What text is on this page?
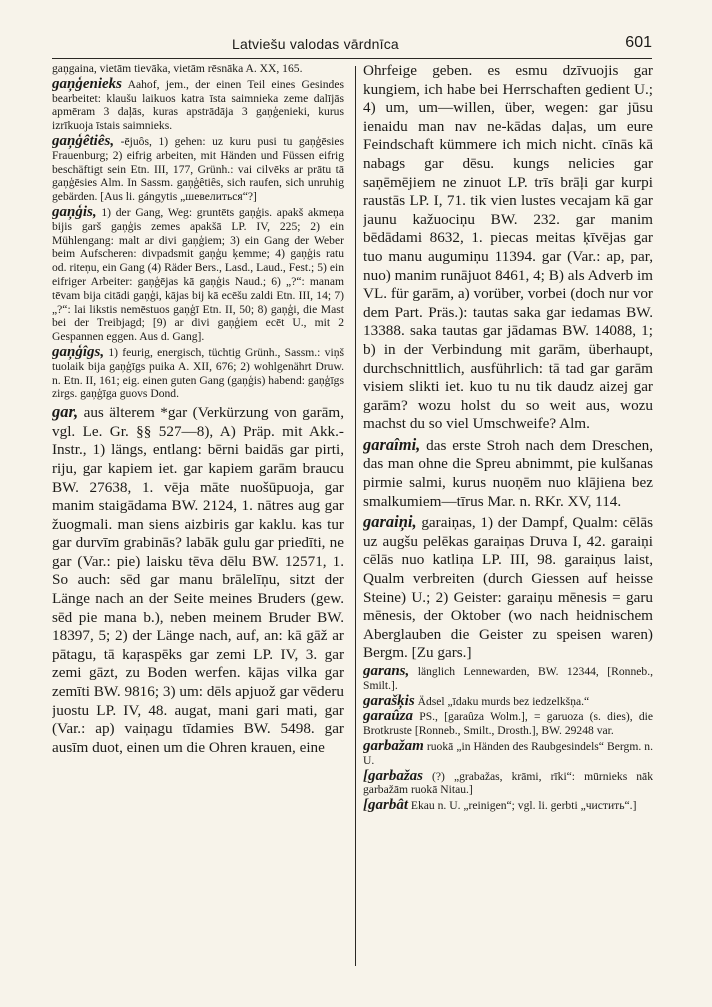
Latviešu valodas vārdnīca	601

gaņgaina, vietām tievāka, vietām rēsnāka A. XX, 165.

gaņģenieks Aahof, jem., der einen Teil eines Gesindes bearbeitet: klaušu laikuos katra īsta saimnieka zeme dalījās apmēram 3 daļās, kuras apstrādāja 3 gaņģenieki, kurus izrīkuoja īstais saimnieks.

gaņģêtiês, -ējuôs, 1) gehen: uz kuru pusi tu gaņģēsies Frauenburg; 2) eifrig arbeiten, mit Händen und Füssen eifrig beschäftigt sein Etn. III, 177, Grünh.: vai cilvēks ar prātu tā gaņģēsies Alm. In Sassm. gaņģêtiês, sich raufen, sich unruhig gebärden. [Aus li. gángytis „шевелиться“?]

gaņģis, 1) der Gang, Weg: gruntēts gaņģis. apakš akmeņa bijis garš gaņģis zemes apakšā LP. IV, 225; 2) ein Mühlengang: malt ar divi gaņģiem; 3) ein Gang der Weber beim Aufscheren: divpadsmit gaņģu ķemme; 4) gaņģis ratu od. riteņu, ein Gang (4) Räder Bers., Lasd., Laud., Fest.; 5) ein eifriger Arbeiter: gaņģējas kā gaņģis Naud.; 6) „?“: manam tēvam bija citādi gaņģi, kājas bij kā ecēšu zaldi Etn. III, 14; 7) „?“: lai likstis nemēstuos gaņģī Etn. II, 50; 8) gaņģi, die Mast bei der Treibjagd; [9) ar divi gaņģiem ecēt U., mit 2 Gespannen eggen. Aus d. Gang].

gaņģîgs, 1) feurig, energisch, tüchtig Grünh., Sassm.: viņš tuolaik bija gaņģīgs puika A. XII, 676; 2) wohlgenährt Druw. n. Etn. II, 161; eig. einen guten Gang (gaņģis) habend: gaņģīgs zirgs. gaņģīga guovs Dond.

gar, aus älterem *gar (Verkürzung von garām, vgl. Le. Gr. §§ 527—8), A) Präp. mit Akk.-Instr., 1) längs, entlang: bērni baidās gar pirti, riju, gar kapiem iet. gar kapiem garām braucu BW. 27638, 1. vēja māte nuošūpuoja, gar manim staigādama BW. 2124, 1. nātres aug gar žuogmali. man siens aizbiris gar kaklu. kas tur gar durvīm grabinās? labāk gulu gar priedīti, ne gar (Var.: pie) laisku tēva dēlu BW. 12571, 1. So auch: sēd gar manu brālelīņu, sitzt der Länge nach an der Seite meines Bruders (gew. sēd pie mana b.), neben meinem Bruder BW. 18397, 5; 2) der Länge nach, auf, an: kā gāž ar pātagu, tā kaŗaspēks gar zemi LP. IV, 3. gar zemi gāzt, zu Boden werfen. kājas vilka gar zemīti BW. 9816; 3) um: dēls apjuož gar vēderu juostu LP. IV, 48. augat, mani gari mati, gar (Var.: ap) vaiņagu tīdamies BW. 5498. gar ausīm duot, einen um die Ohren krauen, eine

Ohrfeige geben. es esmu dzīvuojis gar kungiem, ich habe bei Herrschaften gedient U.; 4) um, um—willen, über, wegen: gar jūsu ienaidu man nav ne-kādas daļas, um eure Feindschaft kümmere ich mich nicht. cīnās kā nabags gar dēsu. kungs nelicies gar saņēmējiem ne zinuot LP. trīs brāļi gar kurpi raustās LP. I, 71. tik vien lustes vecajam kā gar jaunu kažuociņu BW. 232. gar manim bēdādami 8632, 1. piecas meitas ķīvējas gar tuo manu augumiņu 11394. gar (Var.: ap, par, nuo) manim runājuot 8461, 4; B) als Adverb im VL. für garām, a) vorüber, vorbei (doch nur vor dem Part. Präs.): tautas saka gar iedamas BW. 13388. saka tautas gar jādamas BW. 14088, 1; b) in der Verbindung mit garām, überhaupt, durchschnittlich, ausführlich: tā tad gar garām visiem slikti iet. kuo tu nu tik daudz aizej gar garām? wozu holst du so weit aus, wozu machst du so viel Umschweife? Alm.

garaîmi, das erste Stroh nach dem Dreschen, das man ohne die Spreu abnimmt, pie kulšanas pirmie salmi, kurus nuoņēm nuo klājiena bez smalkumiem—tīrus Mar. n. RKr. XV, 114.

garaiņi, garaiņas, 1) der Dampf, Qualm: cēlās uz augšu pelēkas garaiņas Druva I, 42. garaiņi cēlās nuo katliņa LP. III, 98. garaiņus laist, Qualm verbreiten (durch Giessen auf heisse Steine) U.; 2) Geister: garaiņu mēnesis = garu mēnesis, der Oktober (wo nach heidnischem Aberglauben die Geister zu speisen waren) Bergm. [Zu gars.]

garans, länglich Lennewarden, BW. 12344, [Ronneb., Smilt.].

garašķis Ädsel „īdaku murds bez iedzelkšņa.“

garaûza PS., [garaûza Wolm.], = garuoza (s. dies), die Brotkruste [Ronneb., Smilt., Drosth.], BW. 29248 var.

garbažam ruokā „in Händen des Raubgesindels“ Bergm. n. U.

[garbažas (?) „grabažas, krāmi, rīki“: mūrnieks nāk garbažām ruokā Nitau.]

[garbât Ekau n. U. „reinigen“; vgl. li. gerbti „чистить“.]
